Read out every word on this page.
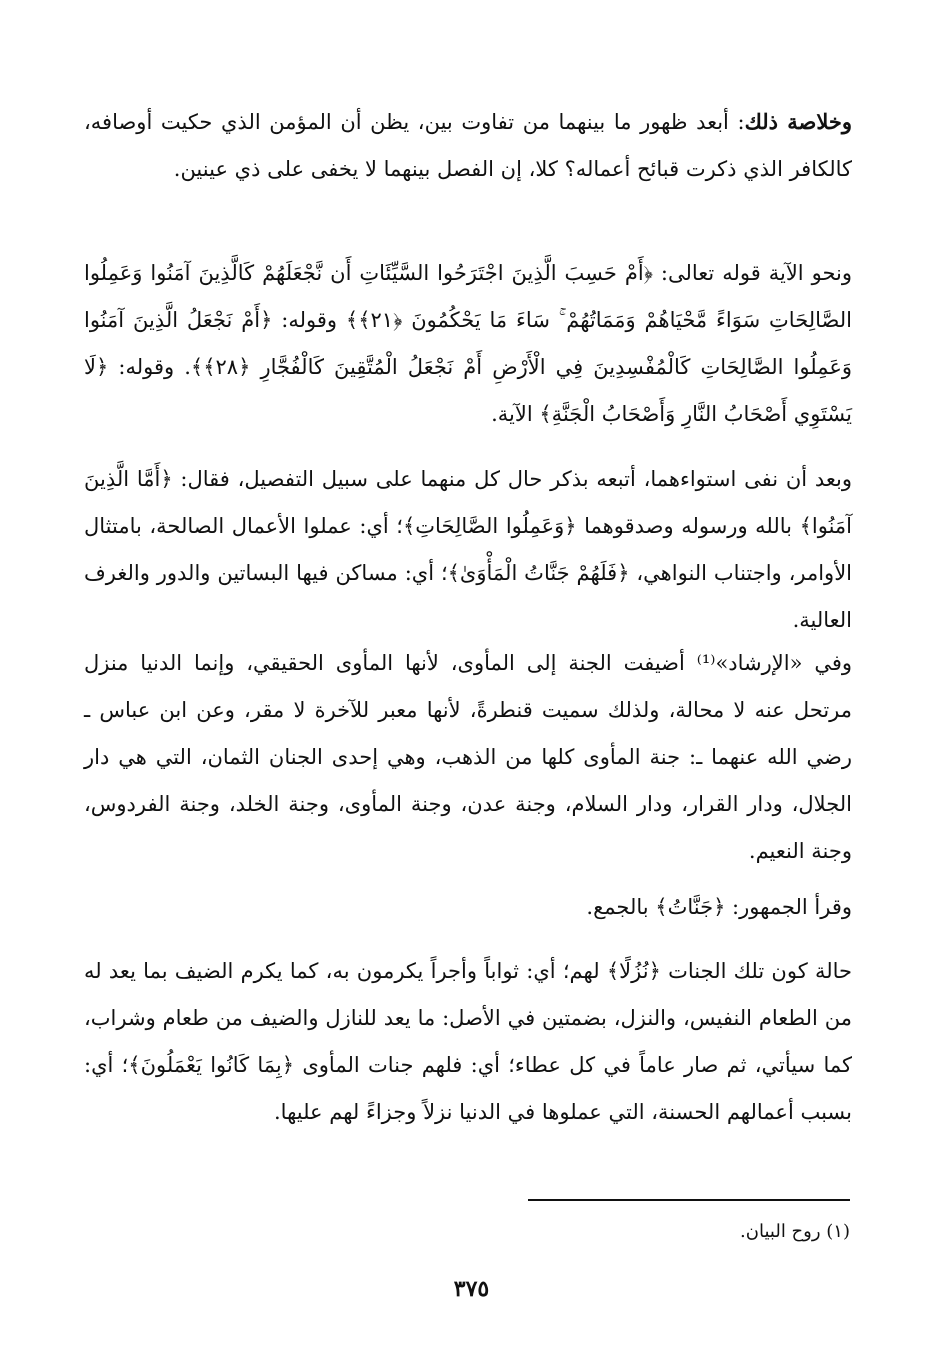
وخلاصة ذلك: أبعد ظهور ما بينهما من تفاوت بين، يظن أن المؤمن الذي حكيت أوصافه، كالكافر الذي ذكرت قبائح أعماله؟ كلا، إن الفصل بينهما لا يخفى على ذي عينين.

ونحو الآية قوله تعالى: ﴿أَمْ حَسِبَ الَّذِينَ اجْتَرَحُوا السَّيِّئَاتِ أَن نَّجْعَلَهُمْ كَالَّذِينَ آمَنُوا وَعَمِلُوا الصَّالِحَاتِ سَوَاءً مَّحْيَاهُمْ وَمَمَاتُهُمْ ۚ سَاءَ مَا يَحْكُمُونَ ﴿٢١﴾﴾ وقوله: ﴿أَمْ نَجْعَلُ الَّذِينَ آمَنُوا وَعَمِلُوا الصَّالِحَاتِ كَالْمُفْسِدِينَ فِي الْأَرْضِ أَمْ نَجْعَلُ الْمُتَّقِينَ كَالْفُجَّارِ ﴿٢٨﴾﴾. وقوله: ﴿لَا يَسْتَوِي أَصْحَابُ النَّارِ وَأَصْحَابُ الْجَنَّةِ﴾ الآية.

وبعد أن نفى استواءهما، أتبعه بذكر حال كل منهما على سبيل التفصيل، فقال: ﴿أَمَّا الَّذِينَ آمَنُوا﴾ بالله ورسوله وصدقوهما ﴿وَعَمِلُوا الصَّالِحَاتِ﴾؛ أي: عملوا الأعمال الصالحة، بامتثال الأوامر، واجتناب النواهي، ﴿فَلَهُمْ جَنَّاتُ الْمَأْوَىٰ﴾؛ أي: مساكن فيها البساتين والدور والغرف العالية.

وفي «الإرشاد»⁽¹⁾ أضيفت الجنة إلى المأوى، لأنها المأوى الحقيقي، وإنما الدنيا منزل مرتحل عنه لا محالة، ولذلك سميت قنطرةً، لأنها معبر للآخرة لا مقر، وعن ابن عباس ـ رضي الله عنهما ـ: جنة المأوى كلها من الذهب، وهي إحدى الجنان الثمان، التي هي دار الجلال، ودار القرار، ودار السلام، وجنة عدن، وجنة المأوى، وجنة الخلد، وجنة الفردوس، وجنة النعيم.

وقرأ الجمهور: ﴿جَنَّاتُ﴾ بالجمع.

حالة كون تلك الجنات ﴿نُزُلًا﴾ لهم؛ أي: ثواباً وأجراً يكرمون به، كما يكرم الضيف بما يعد له من الطعام النفيس، والنزل، بضمتين في الأصل: ما يعد للنازل والضيف من طعام وشراب، كما سيأتي، ثم صار عاماً في كل عطاء؛ أي: فلهم جنات المأوى ﴿بِمَا كَانُوا يَعْمَلُونَ﴾؛ أي: بسبب أعمالهم الحسنة، التي عملوها في الدنيا نزلاً وجزاءً لهم عليها.

(١) روح البيان.
٣٧٥
